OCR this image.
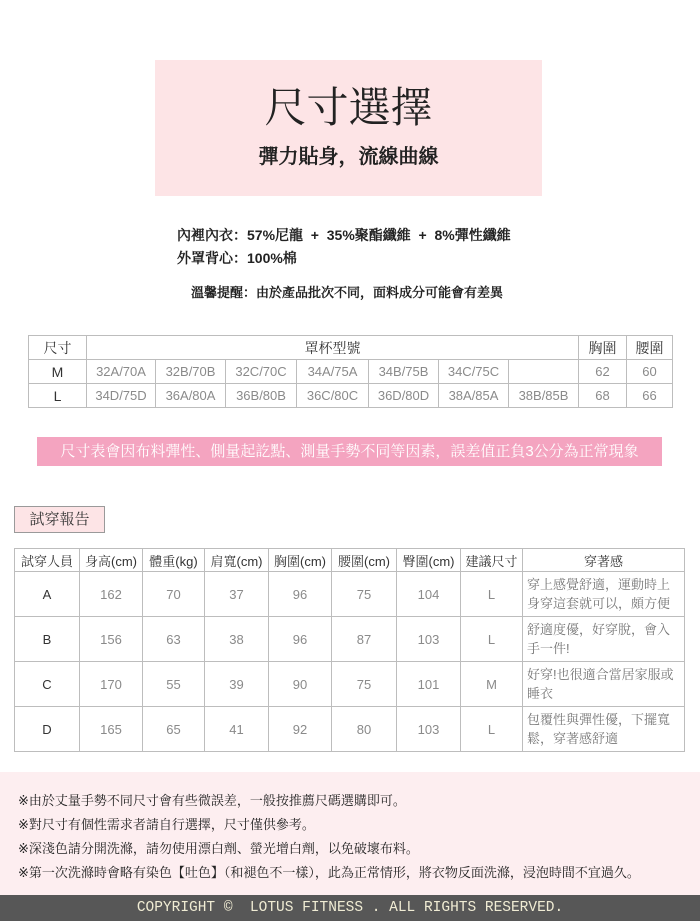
尺寸選擇
彈力貼身，流線曲線
內裡內衣：57%尼龍  +  35%聚酯纖維  +  8%彈性纖維
外罩背心：100%棉
溫馨提醒：由於產品批次不同，面料成分可能會有差異
尺寸	罩杯型號							胸圍	腰圍
M	32A/70A	32B/70B	32C/70C	34A/75A	34B/75B	34C/75C		62	60
L	34D/75D	36A/80A	36B/80B	36C/80C	36D/80D	38A/85A	38B/85B	68	66
尺寸表會因布料彈性、側量起訖點、測量手勢不同等因素，誤差值正負3公分為正常現象
試穿報告
試穿人員	身高(cm)	體重(kg)	肩寬(cm)	胸圍(cm)	腰圍(cm)	臀圍(cm)	建議尺寸	穿著感
A	162	70	37	96	75	104	L	穿上感覺舒適，運動時上身穿這套就可以，頗方便

B	156	63	38	96	87	103	L	舒適度優，好穿脫，會入手一件!

C	170	55	39	90	75	101	M	好穿!也很適合當居家服或睡衣

D	165	65	41	92	80	103	L	包覆性與彈性優，下擺寬鬆，穿著感舒適
※由於丈量手勢不同尺寸會有些微誤差，一般按推薦尺碼選購即可。
※對尺寸有個性需求者請自行選擇，尺寸僅供參考。
※深淺色請分開洗滌，請勿使用漂白劑、螢光增白劑，以免破壞布料。
※第一次洗滌時會略有染色【吐色】（和褪色不一樣），此為正常情形，將衣物反面洗滌，浸泡時間不宜過久。
COPYRIGHT ©  LOTUS FITNESS . ALL RIGHTS RESERVED.
